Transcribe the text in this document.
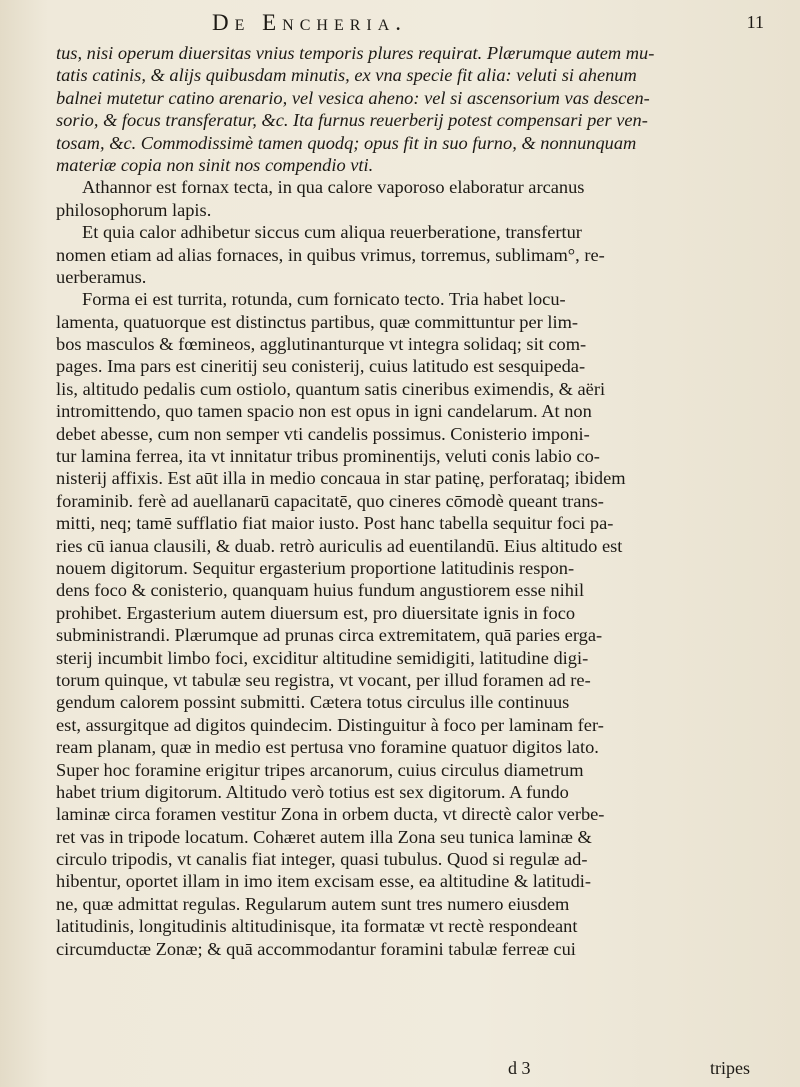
De Encheria.	11
tus, nisi operum diuersitas vnius temporis plures requirat. Plærumque autem mu-
tatis catinis, & alijs quibusdam minutis, ex vna specie fit alia: veluti si ahenum
balnei mutetur catino arenario, vel vesica aheno: vel si ascensorium vas descen-
sorio, & focus transferatur, &c. Ita furnus reuerberij potest compensari per ven-
tosam, &c. Commodissimè tamen quodq; opus fit in suo furno, & nonnunquam
materiæ copia non sinit nos compendio vti.
Athannor est fornax tecta, in qua calore vaporoso elaboratur arcanus
philosophorum lapis.
Et quia calor adhibetur siccus cum aliqua reuerberatione, transfertur
nomen etiam ad alias fornaces, in quibus vrimus, torremus, sublimam°, re-
uerberamus.
Forma ei est turrita, rotunda, cum fornicato tecto. Tria habet locu-
lamenta, quatuorque est distinctus partibus, quæ committuntur per lim-
bos masculos & fœmineos, agglutinanturque vt integra solidaq; sit com-
pages. Ima pars est cineritij seu conisterij, cuius latitudo est sesquipeda-
lis, altitudo pedalis cum ostiolo, quantum satis cineribus eximendis, & aëri
intromittendo, quo tamen spacio non est opus in igni candelarum. At non
debet abesse, cum non semper vti candelis possimus. Conisterio imponi-
tur lamina ferrea, ita vt innitatur tribus prominentijs, veluti conis labio co-
nisterij affixis. Est aūt illa in medio concaua in star patinę, perforataq; ibidem
foraminib. ferè ad auellanarū capacitatē, quo cineres cōmodè queant trans-
mitti, neq; tamē sufflatio fiat maior iusto. Post hanc tabella sequitur foci pa-
ries cū ianua clausili, & duab. retrò auriculis ad euentilandū. Eius altitudo est
nouem digitorum. Sequitur ergasterium proportione latitudinis respon-
dens foco & conisterio, quanquam huius fundum angustiorem esse nihil
prohibet. Ergasterium autem diuersum est, pro diuersitate ignis in foco
subministrandi. Plærumque ad prunas circa extremitatem, quā paries erga-
sterij incumbit limbo foci, exciditur altitudine semidigiti, latitudine digi-
torum quinque, vt tabulæ seu registra, vt vocant, per illud foramen ad re-
gendum calorem possint submitti. Cætera totus circulus ille continuus
est, assurgitque ad digitos quindecim. Distinguitur à foco per laminam fer-
ream planam, quæ in medio est pertusa vno foramine quatuor digitos lato.
Super hoc foramine erigitur tripes arcanorum, cuius circulus diametrum
habet trium digitorum. Altitudo verò totius est sex digitorum. A fundo
laminæ circa foramen vestitur Zona in orbem ducta, vt directè calor verbe-
ret vas in tripode locatum. Cohæret autem illa Zona seu tunica laminæ &
circulo tripodis, vt canalis fiat integer, quasi tubulus. Quod si regulæ ad-
hibentur, oportet illam in imo item excisam esse, ea altitudine & latitudi-
ne, quæ admittat regulas. Regularum autem sunt tres numero eiusdem
latitudinis, longitudinis altitudinisque, ita formatæ vt rectè respondeant
circumductæ Zonæ; & quā accommodantur foramini tabulæ ferreæ cui
d 3	tripes
